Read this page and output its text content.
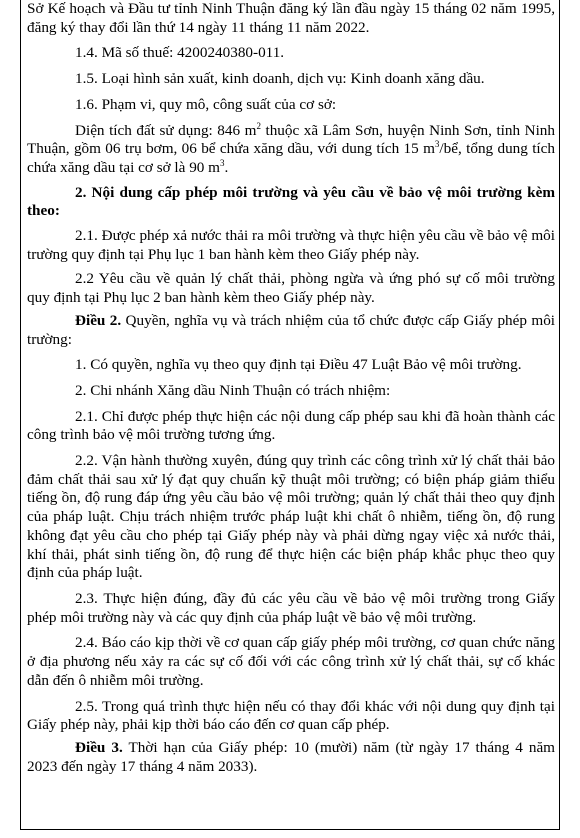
Sở Kế hoạch và Đầu tư tỉnh Ninh Thuận đăng ký lần đầu ngày 15 tháng 02 năm 1995, đăng ký thay đổi lần thứ 14 ngày 11 tháng 11 năm 2022.

1.4. Mã số thuế: 4200240380-011.

1.5. Loại hình sản xuất, kinh doanh, dịch vụ: Kinh doanh xăng dầu.

1.6. Phạm vi, quy mô, công suất của cơ sở:

Diện tích đất sử dụng: 846 $m^2$ thuộc xã Lâm Sơn, huyện Ninh Sơn, tỉnh Ninh Thuận, gồm 06 trụ bơm, 06 bể chứa xăng dầu, với dung tích 15 $m^3/bể$, tổng dung tích chứa xăng dầu tại cơ sở là 90 $m^3$.

2. Nội dung cấp phép môi trường và yêu cầu về bảo vệ môi trường kèm theo:

2.1. Được phép xả nước thải ra môi trường và thực hiện yêu cầu về bảo vệ môi trường quy định tại Phụ lục 1 ban hành kèm theo Giấy phép này.

2.2 Yêu cầu về quản lý chất thải, phòng ngừa và ứng phó sự cố môi trường quy định tại Phụ lục 2 ban hành kèm theo Giấy phép này.

Điều 2. Quyền, nghĩa vụ và trách nhiệm của tổ chức được cấp Giấy phép môi trường:

1. Có quyền, nghĩa vụ theo quy định tại Điều 47 Luật Bảo vệ môi trường.

2. Chi nhánh Xăng dầu Ninh Thuận có trách nhiệm:

2.1. Chỉ được phép thực hiện các nội dung cấp phép sau khi đã hoàn thành các công trình bảo vệ môi trường tương ứng.

2.2. Vận hành thường xuyên, đúng quy trình các công trình xử lý chất thải bảo đảm chất thải sau xử lý đạt quy chuẩn kỹ thuật môi trường; có biện pháp giảm thiểu tiếng ồn, độ rung đáp ứng yêu cầu bảo vệ môi trường; quản lý chất thải theo quy định của pháp luật. Chịu trách nhiệm trước pháp luật khi chất ô nhiễm, tiếng ồn, độ rung không đạt yêu cầu cho phép tại Giấy phép này và phải dừng ngay việc xả nước thải, khí thải, phát sinh tiếng ồn, độ rung để thực hiện các biện pháp khắc phục theo quy định của pháp luật.

2.3. Thực hiện đúng, đầy đủ các yêu cầu về bảo vệ môi trường trong Giấy phép môi trường này và các quy định của pháp luật về bảo vệ môi trường.

2.4. Báo cáo kịp thời về cơ quan cấp giấy phép môi trường, cơ quan chức năng ở địa phương nếu xảy ra các sự cố đối với các công trình xử lý chất thải, sự cố khác dẫn đến ô nhiễm môi trường.

2.5. Trong quá trình thực hiện nếu có thay đổi khác với nội dung quy định tại Giấy phép này, phải kịp thời báo cáo đến cơ quan cấp phép.

Điều 3. Thời hạn của Giấy phép: 10 (mười) năm (từ ngày 17 tháng 4 năm 2023 đến ngày 17 tháng 4 năm 2033).
